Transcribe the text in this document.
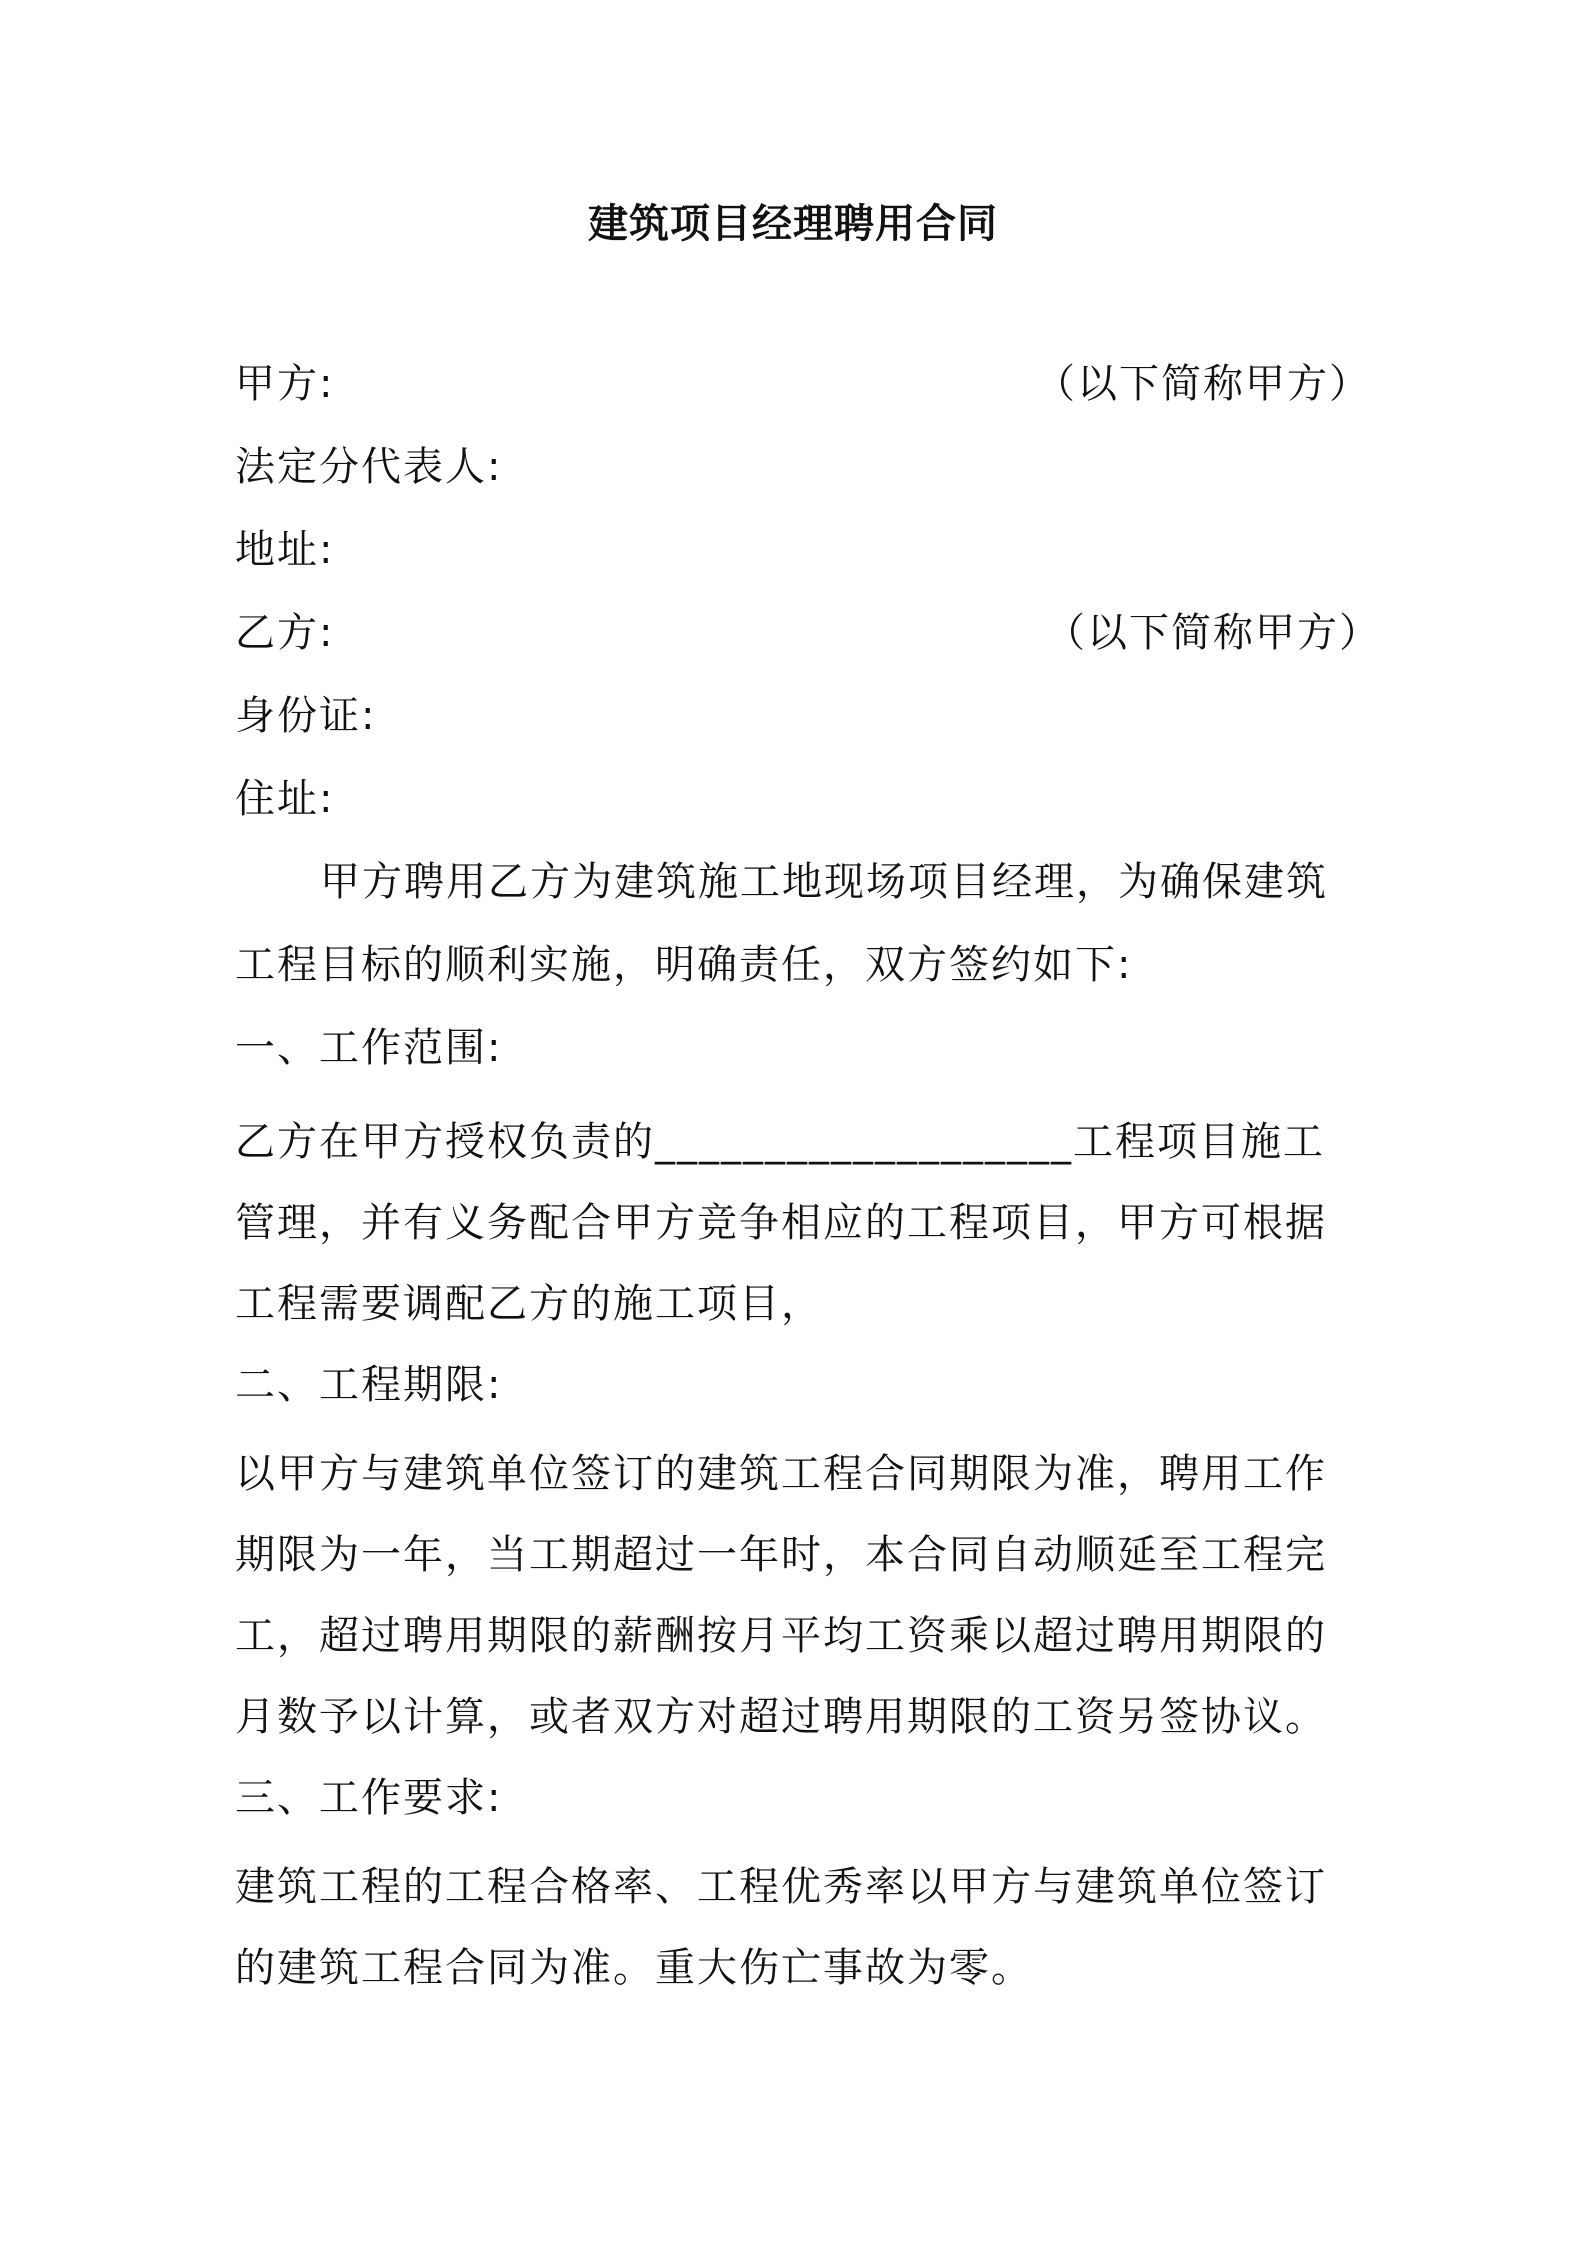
建筑项目经理聘用合同
甲方:	（以下简称甲方）
法定分代表人:
地址:
乙方:	（以下简称甲方）
身份证:
住址:
甲方聘用乙方为建筑施工地现场项目经理，为确保建筑
工程目标的顺利实施，明确责任，双方签约如下:
一、工作范围:
乙方在甲方授权负责的___________________工程项目施工
管理，并有义务配合甲方竞争相应的工程项目，甲方可根据
工程需要调配乙方的施工项目，
二、工程期限:
以甲方与建筑单位签订的建筑工程合同期限为准，聘用工作
期限为一年，当工期超过一年时，本合同自动顺延至工程完
工，超过聘用期限的薪酬按月平均工资乘以超过聘用期限的
月数予以计算，或者双方对超过聘用期限的工资另签协议。
三、工作要求:
建筑工程的工程合格率、工程优秀率以甲方与建筑单位签订
的建筑工程合同为准。重大伤亡事故为零。
